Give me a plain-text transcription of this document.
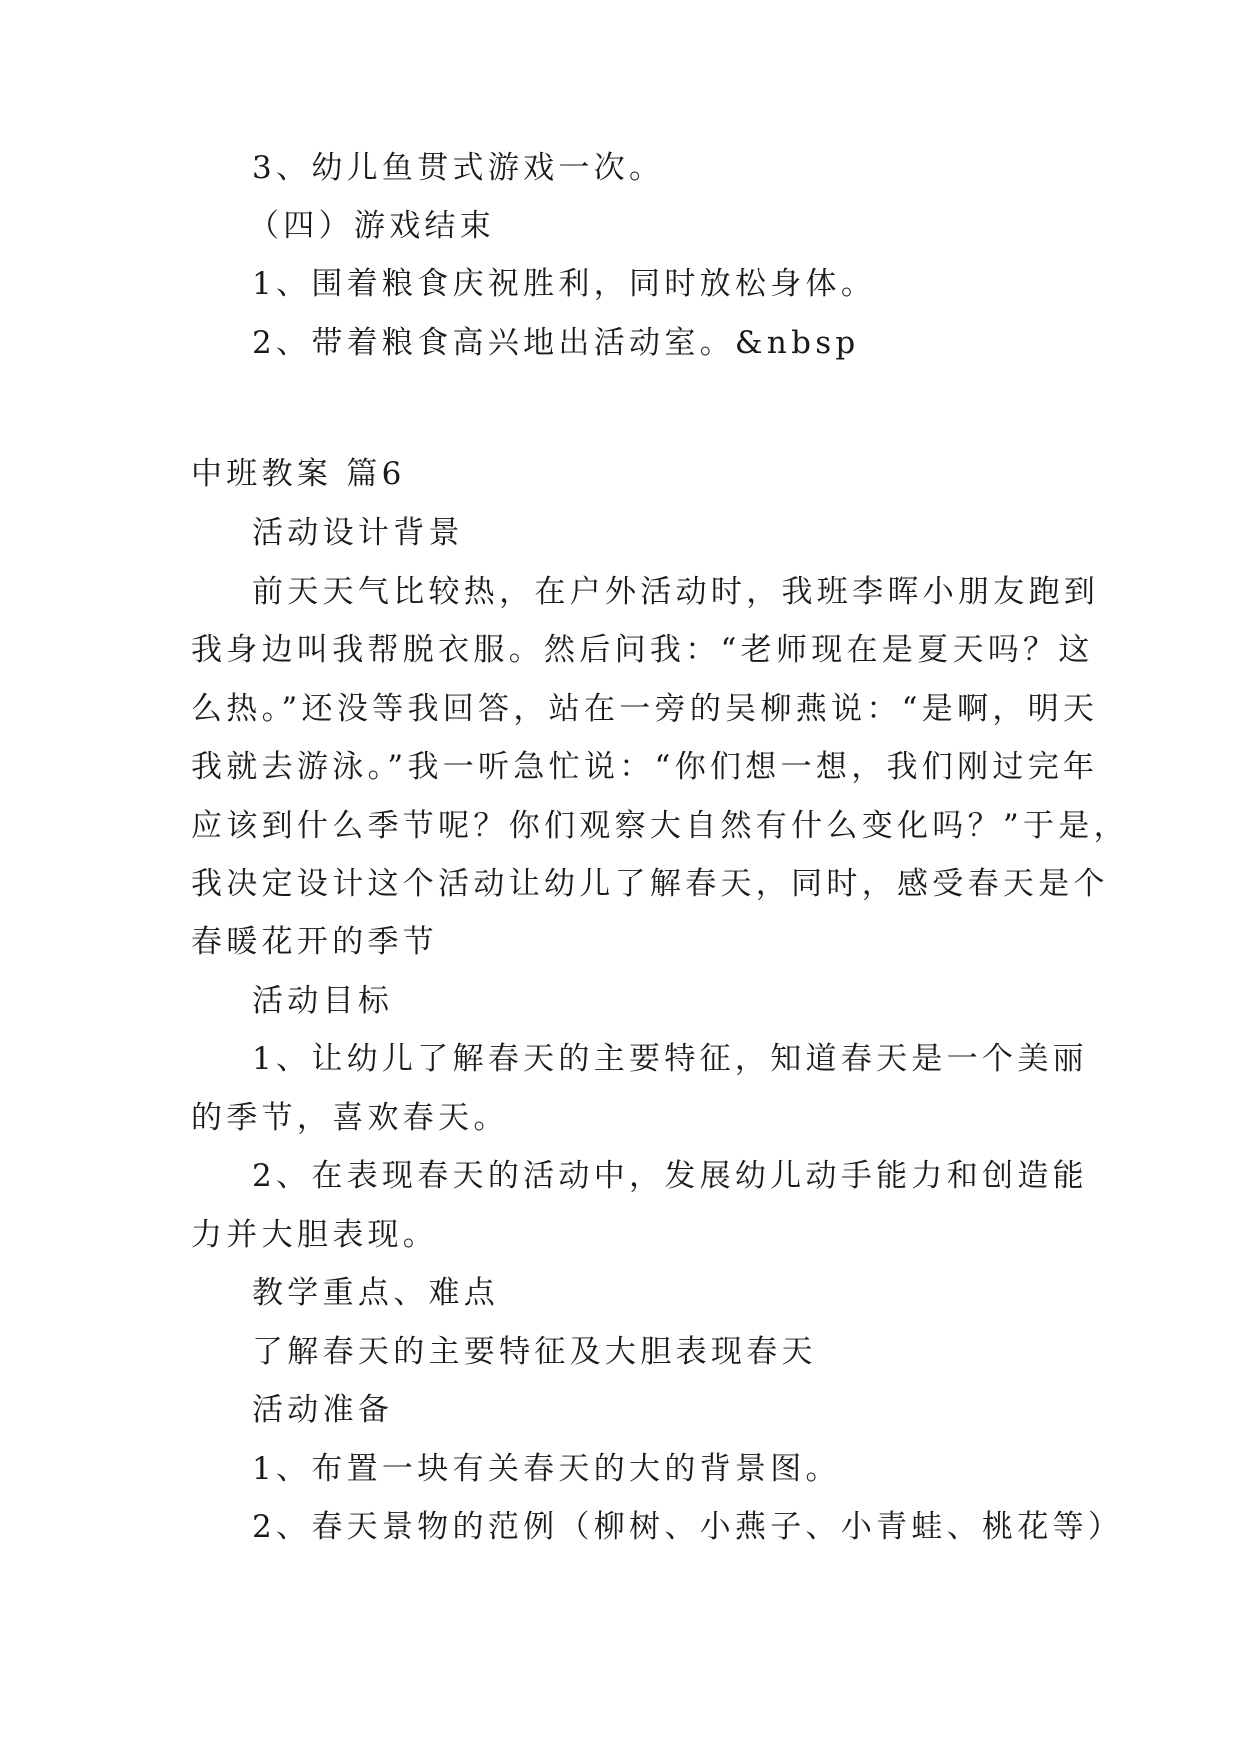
3、幼儿鱼贯式游戏一次。
（四）游戏结束
1、围着粮食庆祝胜利，同时放松身体。
2、带着粮食高兴地出活动室。&nbsp
中班教案 篇6
活动设计背景
前天天气比较热，在户外活动时，我班李晖小朋友跑到
我身边叫我帮脱衣服。然后问我：“老师现在是夏天吗？这
么热。”还没等我回答，站在一旁的吴柳燕说：“是啊，明天
我就去游泳。”我一听急忙说：“你们想一想，我们刚过完年
应该到什么季节呢？你们观察大自然有什么变化吗？”于是，
我决定设计这个活动让幼儿了解春天，同时，感受春天是个
春暖花开的季节
活动目标
1、让幼儿了解春天的主要特征，知道春天是一个美丽
的季节，喜欢春天。
2、在表现春天的活动中，发展幼儿动手能力和创造能
力并大胆表现。
教学重点、难点
了解春天的主要特征及大胆表现春天
活动准备
1、布置一块有关春天的大的背景图。
2、春天景物的范例（柳树、小燕子、小青蛙、桃花等）
